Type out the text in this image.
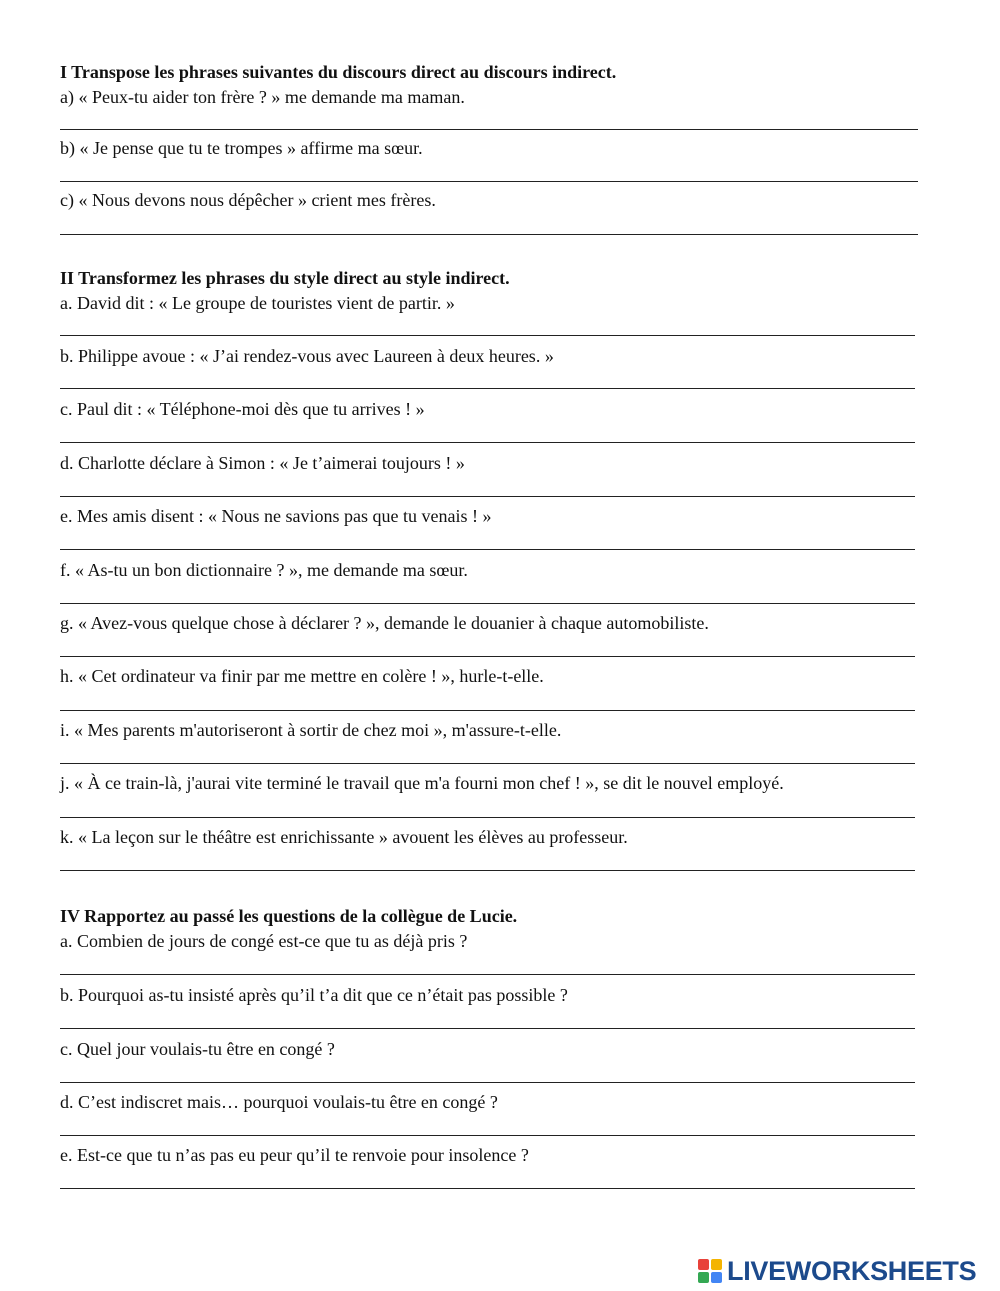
I Transpose les phrases suivantes du discours direct au discours indirect.

a) « Peux-tu aider ton frère ? » me demande ma maman.

b) « Je pense que tu te trompes » affirme ma sœur.

c) « Nous devons nous dépêcher » crient mes frères.

II Transformez les phrases du style direct au style indirect.

a. David dit : « Le groupe de touristes vient de partir. »

b. Philippe avoue : « J’ai rendez-vous avec Laureen à deux heures. »

c. Paul dit : « Téléphone-moi dès que tu arrives ! »

d. Charlotte déclare à Simon : « Je t’aimerai toujours ! »

e. Mes amis disent : « Nous ne savions pas que tu venais ! »

f. « As-tu un bon dictionnaire ? », me demande ma sœur.

g. « Avez-vous quelque chose à déclarer ? », demande le douanier à chaque automobiliste.

h. « Cet ordinateur va finir par me mettre en colère ! », hurle-t-elle.

i. « Mes parents m'autoriseront à sortir de chez moi », m'assure-t-elle.

j. « À ce train-là, j'aurai vite terminé le travail que m'a fourni mon chef ! », se dit le nouvel employé.

k. « La leçon sur le théâtre est enrichissante » avouent les élèves au professeur.

IV Rapportez au passé les questions de la collègue de Lucie.

a. Combien de jours de congé est-ce que tu as déjà pris ?

b. Pourquoi as-tu insisté après qu’il t’a dit que ce n’était pas possible ?

c. Quel jour voulais-tu être en congé ?

d. C’est indiscret mais… pourquoi voulais-tu être en congé ?

e. Est-ce que tu n’as pas eu peur qu’il te renvoie pour insolence ?

LIVEWORKSHEETS
